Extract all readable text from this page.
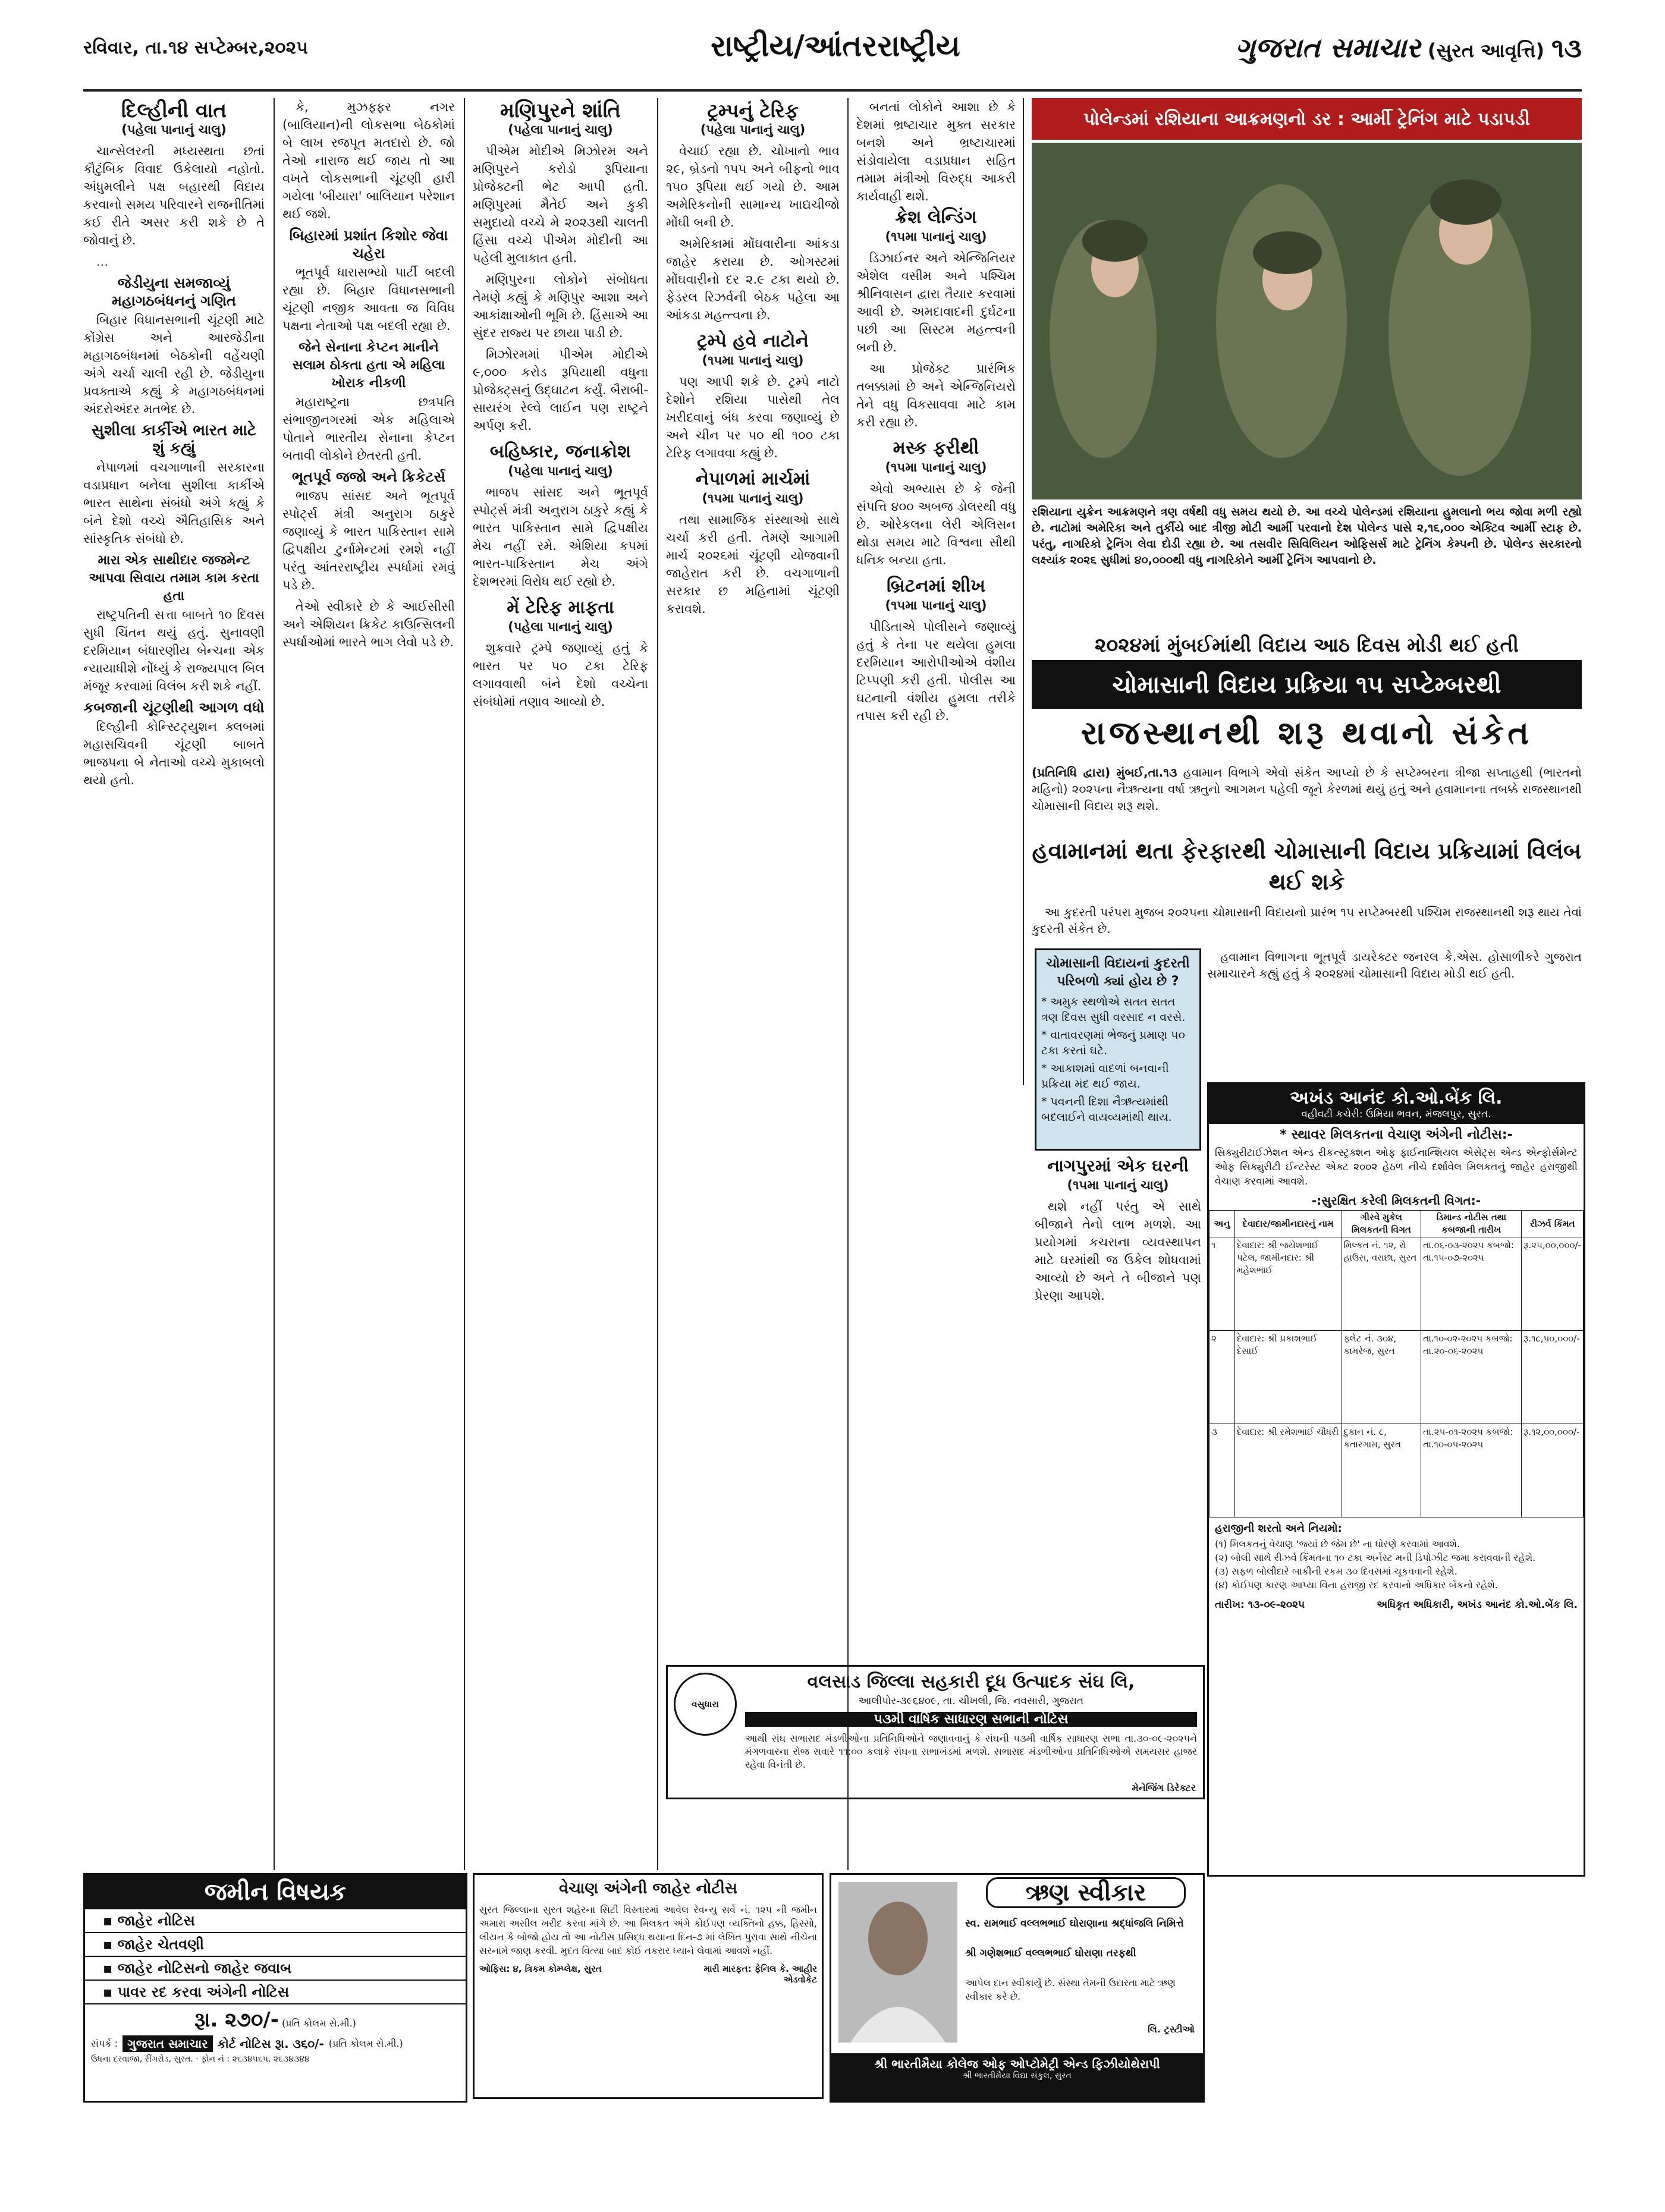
રવિવાર, તા.૧૪ સપ્ટેમ્બર,૨૦૨૫	રાષ્ટ્રીય/આંતરરાષ્ટ્રીય	ગુજરાત સમાચાર (સુરત આવૃત્તિ) ૧૩
દિલ્હીની વાત
(પહેલા પાનાનું ચાલુ)

ચાન્સેલરની મધ્યસ્થતા છતાં કૌટુંબિક વિવાદ ઉકેલાયો નહોતો. અંધુમલીને પક્ષ બહારથી વિદાય કરવાનો સમય પરિવારને રાજનીતિમાં કઈ રીતે અસર કરી શકે છે તે જોવાનું છે.

...

જેડીયુના સમજાવ્યું મહાગઠબંધનનું ગણિત

બિહાર વિધાનસભાની ચૂંટણી માટે કોંગ્રેસ અને આરજેડીના મહાગઠબંધનમાં બેઠકોની વહેંચણી અંગે ચર્ચા ચાલી રહી છે. જેડીયુના પ્રવક્તાએ કહ્યું કે મહાગઠબંધનમાં અંદરોઅંદર મતભેદ છે.

સુશીલા કાર્કીએ ભારત માટે શું કહ્યું

નેપાળમાં વચગાળાની સરકારના વડાપ્રધાન બનેલા સુશીલા કાર્કીએ ભારત સાથેના સંબંધો અંગે કહ્યું કે બંને દેશો વચ્ચે ઐતિહાસિક અને સાંસ્કૃતિક સંબંધો છે.

મારા એક સાથીદાર જજમેન્ટ આપવા સિવાય તમામ કામ કરતા હતા

રાષ્ટ્રપતિની સત્તા બાબતે ૧૦ દિવસ સુધી ચિંતન થયું હતું. સુનાવણી દરમિયાન બંધારણીય બેન્ચના એક ન્યાયાધીશે નોંધ્યું કે રાજ્યપાલ બિલ મંજૂર કરવામાં વિલંબ કરી શકે નહીં.

કબજાની ચૂંટણીથી આગળ વધો

દિલ્હીની કોન્સ્ટિટ્યુશન ક્લબમાં મહાસચિવની ચૂંટણી બાબતે ભાજપના બે નેતાઓ વચ્ચે મુકાબલો થયો હતો.

કે, મુઝફ્ફર નગર (બાલિયાન)ની લોકસભા બેઠકોમાં બે લાખ રજપૂત મતદારો છે. જો તેઓ નારાજ થઈ જાય તો આ વખતે લોકસભાની ચૂંટણી હારી ગયેલા 'બીયારા' બાલિયાન પરેશાન થઈ જશે.

બિહારમાં પ્રશાંત કિશોર જેવા ચહેરા

ભૂતપૂર્વ ધારાસભ્યો પાર્ટી બદલી રહ્યા છે. બિહાર વિધાનસભાની ચૂંટણી નજીક આવતા જ વિવિધ પક્ષના નેતાઓ પક્ષ બદલી રહ્યા છે.

જેને સેનાના કેપ્ટન માનીને સલામ ઠોકતા હતા એ મહિલા ખોરાક નીકળી

મહારાષ્ટ્રના છત્રપતિ સંભાજીનગરમાં એક મહિલાએ પોતાને ભારતીય સેનાના કેપ્ટન બતાવી લોકોને છેતરતી હતી.

ભૂતપૂર્વ જજો અને ક્રિકેટર્સ

ભાજપ સાંસદ અને ભૂતપૂર્વ સ્પોર્ટ્સ મંત્રી અનુરાગ ઠાકુરે જણાવ્યું કે ભારત પાકિસ્તાન સામે દ્વિપક્ષીય ટુર્નામેન્ટમાં રમશે નહીં પરંતુ આંતરરાષ્ટ્રીય સ્પર્ધામાં રમવું પડે છે.

તેઓ સ્વીકારે છે કે આઈસીસી અને એશિયન ક્રિકેટ કાઉન્સિલની સ્પર્ધાઓમાં ભારતે ભાગ લેવો પડે છે.

મણિપુરને શાંતિ
(પહેલા પાનાનું ચાલુ)

પીએમ મોદીએ મિઝોરમ અને મણિપુરને કરોડો રૂપિયાના પ્રોજેક્ટની ભેટ આપી હતી. મણિપુરમાં મૈતેઈ અને કુકી સમુદાયો વચ્ચે મે ૨૦૨૩થી ચાલતી હિંસા વચ્ચે પીએમ મોદીની આ પહેલી મુલાકાત હતી.

મણિપુરના લોકોને સંબોધતા તેમણે કહ્યું કે મણિપુર આશા અને આકાંક્ષાઓની ભૂમિ છે. હિંસાએ આ સુંદર રાજ્ય પર છાયા પાડી છે.

મિઝોરમમાં પીએમ મોદીએ ૯,૦૦૦ કરોડ રૂપિયાથી વધુના પ્રોજેક્ટ્સનું ઉદ્ઘાટન કર્યું. બૈરાબી-સાયરંગ રેલ્વે લાઈન પણ રાષ્ટ્રને અર્પણ કરી.

બહિષ્કાર, જનાક્રોશ
(પહેલા પાનાનું ચાલુ)

ભાજપ સાંસદ અને ભૂતપૂર્વ સ્પોર્ટ્સ મંત્રી અનુરાગ ઠાકુરે કહ્યું કે ભારત પાકિસ્તાન સામે દ્વિપક્ષીય મેચ નહીં રમે. એશિયા કપમાં ભારત-પાકિસ્તાન મેચ અંગે દેશભરમાં વિરોધ થઈ રહ્યો છે.

મેં ટેરિફ માફતા
(પહેલા પાનાનું ચાલુ)

શુક્રવારે ટ્રમ્પે જણાવ્યું હતું કે ભારત પર ૫૦ ટકા ટેરિફ લગાવવાથી બંને દેશો વચ્ચેના સંબંધોમાં તણાવ આવ્યો છે.

ટ્રમ્પનું ટેરિફ
(પહેલા પાનાનું ચાલુ)

વેચાઈ રહ્યા છે. ચોખાનો ભાવ ૨૯, બ્રેડનો ૧૫૫ અને બીફનો ભાવ ૧૫૦ રૂપિયા થઈ ગયો છે. આમ અમેરિકનોની સામાન્ય ખાદ્યચીજો મોંઘી બની છે.

અમેરિકામાં મોંઘવારીના આંકડા જાહેર કરાયા છે. ઓગસ્ટમાં મોંઘવારીનો દર ૨.૯ ટકા થયો છે. ફેડરલ રિઝર્વની બેઠક પહેલા આ આંકડા મહત્ત્વના છે.

ટ્રમ્પે હવે નાટોને
(૧૫મા પાનાનું ચાલુ)

પણ આપી શકે છે. ટ્રમ્પે નાટો દેશોને રશિયા પાસેથી તેલ ખરીદવાનું બંધ કરવા જણાવ્યું છે અને ચીન પર ૫૦ થી ૧૦૦ ટકા ટેરિફ લગાવવા કહ્યું છે.

નેપાળમાં માર્ચમાં
(૧૫મા પાનાનું ચાલુ)

તથા સામાજિક સંસ્થાઓ સાથે ચર્ચા કરી હતી. તેમણે આગામી માર્ચ ૨૦૨૬માં ચૂંટણી યોજવાની જાહેરાત કરી છે. વચગાળાની સરકાર છ મહિનામાં ચૂંટણી કરાવશે.

બનતાં લોકોને આશા છે કે દેશમાં ભ્રષ્ટાચાર મુક્ત સરકાર બનશે અને ભ્રષ્ટાચારમાં સંડોવાયેલા વડાપ્રધાન સહિત તમામ મંત્રીઓ વિરુદ્ધ આકરી કાર્યવાહી થશે.

ક્રેશ લેન્ડિંગ
(૧૫મા પાનાનું ચાલુ)

ડિઝાઈનર અને એન્જિનિયર એશેલ વસીમ અને પશ્ચિમ શ્રીનિવાસન દ્વારા તૈયાર કરવામાં આવી છે. અમદાવાદની દુર્ઘટના પછી આ સિસ્ટમ મહત્ત્વની બની છે.

આ પ્રોજેક્ટ પ્રારંભિક તબક્કામાં છે અને એન્જિનિયરો તેને વધુ વિકસાવવા માટે કામ કરી રહ્યા છે.

મસ્ક ફરીથી
(૧૫મા પાનાનું ચાલુ)

એવો અભ્યાસ છે કે જેની સંપત્તિ ૪૦૦ અબજ ડોલરથી વધુ છે. ઓરેકલના લેરી એલિસન થોડા સમય માટે વિશ્વના સૌથી ધનિક બન્યા હતા.

બ્રિટનમાં શીખ
(૧૫મા પાનાનું ચાલુ)

પીડિતાએ પોલીસને જણાવ્યું હતું કે તેના પર થયેલા હુમલા દરમિયાન આરોપીઓએ વંશીય ટિપ્પણી કરી હતી. પોલીસ આ ઘટનાની વંશીય હુમલા તરીકે તપાસ કરી રહી છે.

પોલેન્ડમાં રશિયાના આક્રમણનો ડર : આર્મી ટ્રેનિંગ માટે પડાપડી
રશિયાના યુક્રેન આક્રમણને ત્રણ વર્ષથી વધુ સમય થયો છે. આ વચ્ચે પોલેન્ડમાં રશિયાના હુમલાનો ભય જોવા મળી રહ્યો છે. નાટોમાં અમેરિકા અને તુર્કીયે બાદ ત્રીજી મોટી આર્મી પરવાનો દેશ પોલેન્ડ પાસે ૨,૧૬,૦૦૦ એક્ટિવ આર્મી સ્ટાફ છે. પરંતુ, નાગરિકો ટ્રેનિંગ લેવા દોડી રહ્યા છે. આ તસવીર સિવિલિયન ઓફિસર્સ માટે ટ્રેનિંગ કેમ્પની છે. પોલેન્ડ સરકારનો લક્ષ્યાંક ૨૦૨૬ સુધીમાં ૪૦,૦૦૦થી વધુ નાગરિકોને આર્મી ટ્રેનિંગ આપવાનો છે.
૨૦૨૪માં મુંબઈમાંથી વિદાય આઠ દિવસ મોડી થઈ હતી
ચોમાસાની વિદાય પ્રક્રિયા ૧૫ સપ્ટેમ્બરથી
રાજસ્થાનથી શરૂ થવાનો સંકેત
(પ્રતિનિધિ દ્વારા) મુંબઈ,તા.૧૩ હવામાન વિભાગે એવો સંકેત આપ્યો છે કે સપ્ટેમ્બરના ત્રીજા સપ્તાહથી (ભારતનો મહિનો) ૨૦૨૫ના નૈઋત્યના વર્ષા ઋતુનો આગમન પહેલી જૂને કેરળમાં થયું હતું અને હવામાનના તબક્કે રાજસ્થાનથી ચોમાસાની વિદાય શરૂ થશે.
હવામાનમાં થતા ફેરફારથી ચોમાસાની વિદાય પ્રક્રિયામાં વિલંબ થઈ શકે

આ કુદરતી પરંપરા મુજબ ૨૦૨૫ના ચોમાસાની વિદાયનો પ્રારંભ ૧૫ સપ્ટેમ્બરથી પશ્ચિમ રાજસ્થાનથી શરૂ થાય તેવાં કુદરતી સંકેત છે.

ચોમાસાની વિદાયનાં કુદરતી પરિબળો ક્યાં હોય છે ?
* અમુક સ્થળોએ સતત સતત ત્રણ દિવસ સુધી વરસાદ ન વરસે.
* વાતાવરણમાં ભેજનું પ્રમાણ ૫૦ ટકા કરતાં ઘટે.
* આકાશમાં વાદળાં બનવાની પ્રક્રિયા મંદ થઈ જાય.
* પવનની દિશા નૈઋત્યમાંથી બદલાઈને વાયવ્યમાંથી થાય.

હવામાન વિભાગના ભૂતપૂર્વ ડાયરેક્ટર જનરલ કે.એસ. હોસાળીકરે ગુજરાત સમાચારને કહ્યું હતું કે ૨૦૨૪માં ચોમાસાની વિદાય મોડી થઈ હતી.

નાગપુરમાં એક ઘરની
(૧૫મા પાનાનું ચાલુ)

થશે નહીં પરંતુ એ સાથે બીજાને તેનો લાભ મળશે. આ પ્રયોગમાં કચરાના વ્યવસ્થાપન માટે ઘરમાંથી જ ઉકેલ શોધવામાં આવ્યો છે અને તે બીજાને પણ પ્રેરણા આપશે.

અખંડ આનંદ કો.ઓ.બેંક લિ.
વહીવટી કચેરી: ઉમિયા ભવન, મંજલપુર, સુરત.
* સ્થાવર મિલકતના વેચાણ અંગેની નોટીસ:-
સિક્યુરીટાઈઝેશન એન્ડ રીકન્સ્ટ્રક્શન ઓફ ફાઈનાન્શિયલ એસેટ્સ એન્ડ એન્ફોર્સમેન્ટ ઓફ સિક્યુરીટી ઈન્ટરેસ્ટ એક્ટ ૨૦૦૨ હેઠળ નીચે દર્શાવેલ મિલકતનું જાહેર હરાજીથી વેચાણ કરવામાં આવશે.
-:સુરક્ષિત કરેલી મિલકતની વિગત:-
અનુ	દેવાદાર/જામીનદારનું નામ	ગીરવે મુકેલ મિલકતની વિગત	ડિમાન્ડ નોટીસ તથા કબજાની તારીખ	રીઝર્વ કિંમત
૧	દેવાદાર: શ્રી જયેશભાઈ પટેલ, જામીનદાર: શ્રી મહેશભાઈ	મિલ્કત નં. ૧૨, રો હાઉસ, વરાછા, સુરત	તા.૦૬-૦૩-૨૦૨૫ કબજો: તા.૧૫-૦૭-૨૦૨૫	રૂ.૨૫,૦૦,૦૦૦/-
૨	દેવાદાર: શ્રી પ્રકાશભાઈ દેસાઈ	ફ્લેટ નં. ૩૦૪, કામરેજ, સુરત	તા.૧૦-૦૨-૨૦૨૫ કબજો: તા.૨૦-૦૬-૨૦૨૫	રૂ.૧૮,૫૦,૦૦૦/-
૩	દેવાદાર: શ્રી રમેશભાઈ ચૌધરી	દુકાન નં. ૮, કતારગામ, સુરત	તા.૨૫-૦૧-૨૦૨૫ કબજો: તા.૧૦-૦૫-૨૦૨૫	રૂ.૧૨,૦૦,૦૦૦/-
હરાજીની શરતો અને નિયમો:
(૧) મિલકતનું વેચાણ 'જ્યાં છે જેમ છે' ના ધોરણે કરવામાં આવશે.
(૨) બોલી સાથે રીઝર્વ કિંમતના ૧૦ ટકા અર્નેસ્ટ મની ડિપોઝીટ જમા કરાવવાની રહેશે.
(૩) સફળ બોલીદારે બાકીની રકમ ૩૦ દિવસમાં ચૂકવવાની રહેશે.
(૪) કોઈપણ કારણ આપ્યા વિના હરાજી રદ કરવાનો અધિકાર બેંકનો રહેશે.
તારીખ: ૧૩-૦૯-૨૦૨૫	અધિકૃત અધિકારી, અખંડ આનંદ કો.ઓ.બેંક લિ.
વસુધારા
વલસાડ જિલ્લા સહકારી દૂધ ઉત્પાદક સંઘ લિ,
આલીપોર-૩૯૬૪૦૯, તા. ચીખલી, જિ. નવસારી, ગુજરાત
૫૩મી વાર્ષિક સાધારણ સભાની નોટિસ
આથી સંઘ સભાસદ મંડળીઓના પ્રતિનિધિઓને જણાવવાનું કે સંઘની ૫૩મી વાર્ષિક સાધારણ સભા તા.૩૦-૦૯-૨૦૨૫ને મંગળવારના રોજ સવારે ૧૧:૦૦ કલાકે સંઘના સભાખંડમાં મળશે. સભાસદ મંડળીઓના પ્રતિનિધિઓએ સમયસર હાજર રહેવા વિનંતી છે.
મેનેજિંગ ડિરેક્ટર
વેચાણ અંગેની જાહેર નોટીસ
સુરત જિલ્લાના સુરત શહેરના સિટી વિસ્તારમાં આવેલ રેવન્યુ સર્વે નં. ૧૨૫ ની જમીન અમારા અસીલ ખરીદ કરવા માંગે છે. આ મિલકત અંગે કોઈપણ વ્યક્તિનો હક્ક, હિસ્સો, લીયન કે બોજો હોય તો આ નોટીસ પ્રસિદ્ધ થયાના દિન-૭ માં લેખિત પુરાવા સાથે નીચેના સરનામે જાણ કરવી. મુદત વિત્યા બાદ કોઈ તકરાર ધ્યાને લેવામાં આવશે નહીં.
ઓફિસ: ૪, ત્રિકમ કોમ્પ્લેક્ષ, સુરત	મારી મારફત: ફેનિલ કે. આહીર
એડવોકેટ
જમીન વિષયક
▪ જાહેર નોટિસ
▪ જાહેર ચેતવણી
▪ જાહેર નોટિસનો જાહેર જવાબ
▪ પાવર રદ કરવા અંગેની નોટિસ
રૂા. ૨૭૦/- (પ્રતિ કોલમ સે.મી.)
સંપર્ક : ગુજરાત સમાચાર કોર્ટ નોટિસ રૂા. ૩૬૦/- (પ્રતિ કોલમ સે.મી.)
ઉધના દરવાજા, રીંગરોડ, સુરત. · ફોન નં : ૨૬૩૪૫૬૫, ૨૬૩૪૩૪૪
ઋણ સ્વીકાર
સ્વ. રામભાઈ વલ્લભભાઈ ઘોરાણાના શ્રદ્ધાંજલિ નિમિત્તે
શ્રી ગણેશભાઈ વલ્લભભાઈ ઘોરાણા તરફથી
આપેલ દાન સ્વીકાર્યું છે. સંસ્થા તેમની ઉદારતા માટે ઋણ સ્વીકાર કરે છે.
લિ. ટ્રસ્ટીઓ
શ્રી ભારતીમૈયા કોલેજ ઓફ ઓપ્ટોમેટ્રી એન્ડ ફિઝીયોથેરાપી
શ્રી ભારતીમૈયા વિદ્યા સંકુલ, સુરત
